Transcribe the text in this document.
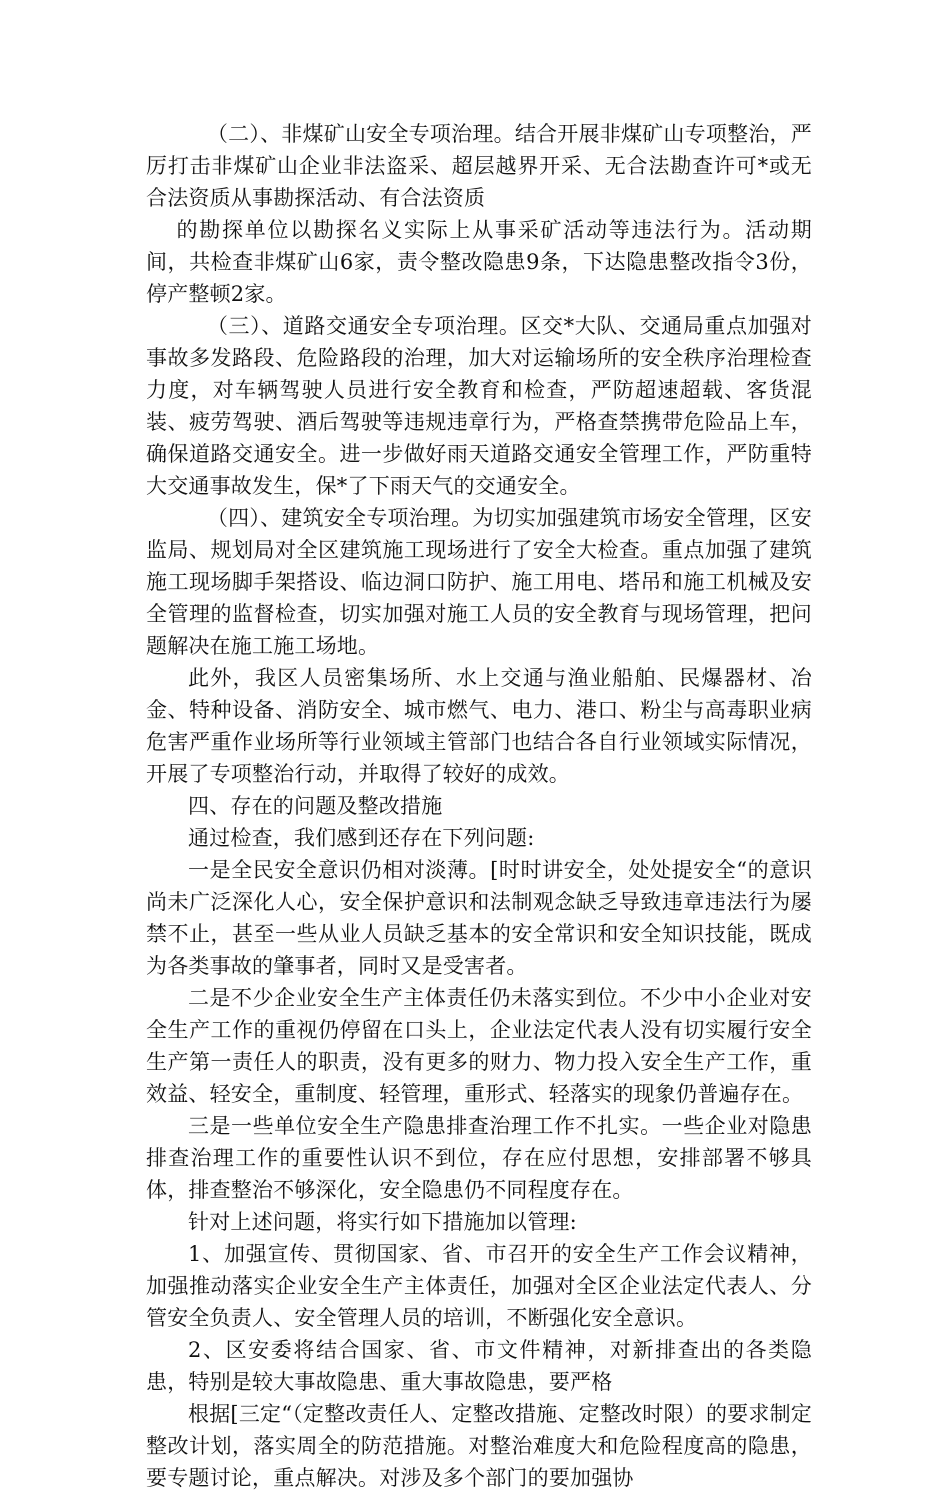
（二）、非煤矿山安全专项治理。结合开展非煤矿山专项整治，严厉打击非煤矿山企业非法盗采、超层越界开采、无合法勘查许可*或无合法资质从事勘探活动、有合法资质

的勘探单位以勘探名义实际上从事采矿活动等违法行为。活动期间，共检查非煤矿山6家，责令整改隐患9条，下达隐患整改指令3份，停产整顿2家。

（三）、道路交通安全专项治理。区交*大队、交通局重点加强对事故多发路段、危险路段的治理，加大对运输场所的安全秩序治理检查力度，对车辆驾驶人员进行安全教育和检查，严防超速超载、客货混装、疲劳驾驶、酒后驾驶等违规违章行为，严格查禁携带危险品上车，确保道路交通安全。进一步做好雨天道路交通安全管理工作，严防重特大交通事故发生，保*了下雨天气的交通安全。

（四）、建筑安全专项治理。为切实加强建筑市场安全管理，区安监局、规划局对全区建筑施工现场进行了安全大检查。重点加强了建筑施工现场脚手架搭设、临边洞口防护、施工用电、塔吊和施工机械及安全管理的监督检查，切实加强对施工人员的安全教育与现场管理，把问题解决在施工施工场地。

此外，我区人员密集场所、水上交通与渔业船舶、民爆器材、冶金、特种设备、消防安全、城市燃气、电力、港口、粉尘与高毒职业病危害严重作业场所等行业领域主管部门也结合各自行业领域实际情况，开展了专项整治行动，并取得了较好的成效。

四、存在的问题及整改措施

通过检查，我们感到还存在下列问题:

一是全民安全意识仍相对淡薄。[时时讲安全，处处提安全“的意识尚未广泛深化人心，安全保护意识和法制观念缺乏导致违章违法行为屡禁不止，甚至一些从业人员缺乏基本的安全常识和安全知识技能，既成为各类事故的肇事者，同时又是受害者。

二是不少企业安全生产主体责任仍未落实到位。不少中小企业对安全生产工作的重视仍停留在口头上，企业法定代表人没有切实履行安全生产第一责任人的职责，没有更多的财力、物力投入安全生产工作，重效益、轻安全，重制度、轻管理，重形式、轻落实的现象仍普遍存在。

三是一些单位安全生产隐患排查治理工作不扎实。一些企业对隐患排查治理工作的重要性认识不到位，存在应付思想，安排部署不够具体，排查整治不够深化，安全隐患仍不同程度存在。

针对上述问题，将实行如下措施加以管理:

1、加强宣传、贯彻国家、省、市召开的安全生产工作会议精神，加强推动落实企业安全生产主体责任，加强对全区企业法定代表人、分管安全负责人、安全管理人员的培训，不断强化安全意识。

2、区安委将结合国家、省、市文件精神，对新排查出的各类隐患，特别是较大事故隐患、重大事故隐患，要严格

根据[三定“（定整改责任人、定整改措施、定整改时限）的要求制定整改计划，落实周全的防范措施。对整治难度大和危险程度高的隐患，要专题讨论，重点解决。对涉及多个部门的要加强协
